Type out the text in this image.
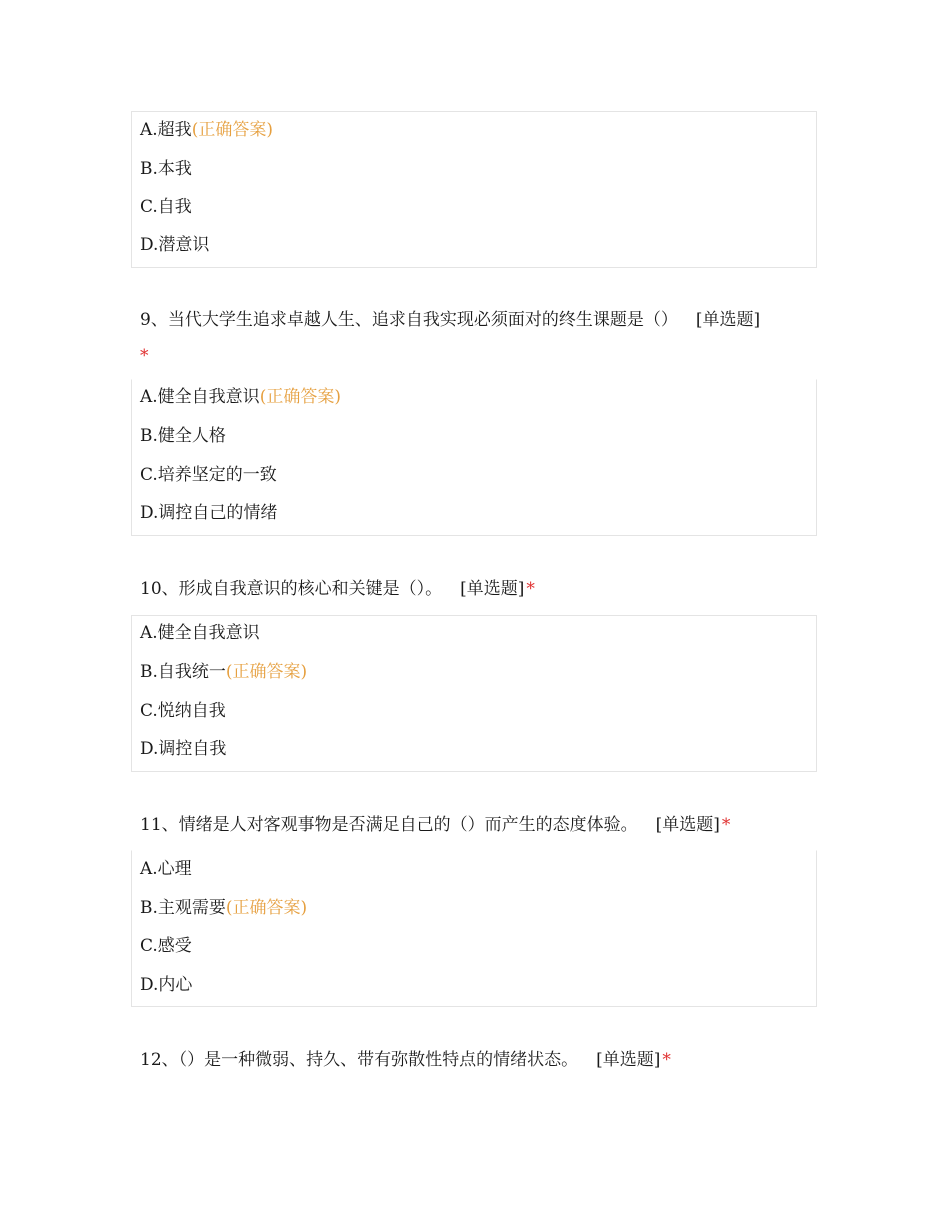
A.超我(正确答案)
B.本我
C.自我
D.潜意识
9、当代大学生追求卓越人生、追求自我实现必须面对的终生课题是（） [单选题]
*
A.健全自我意识(正确答案)
B.健全人格
C.培养坚定的一致
D.调控自己的情绪
10、形成自我意识的核心和关键是（）。 [单选题] *
A.健全自我意识
B.自我统一(正确答案)
C.悦纳自我
D.调控自我
11、情绪是人对客观事物是否满足自己的（）而产生的态度体验。 [单选题] *
A.心理
B.主观需要(正确答案)
C.感受
D.内心
12、（）是一种微弱、持久、带有弥散性特点的情绪状态。 [单选题] *
